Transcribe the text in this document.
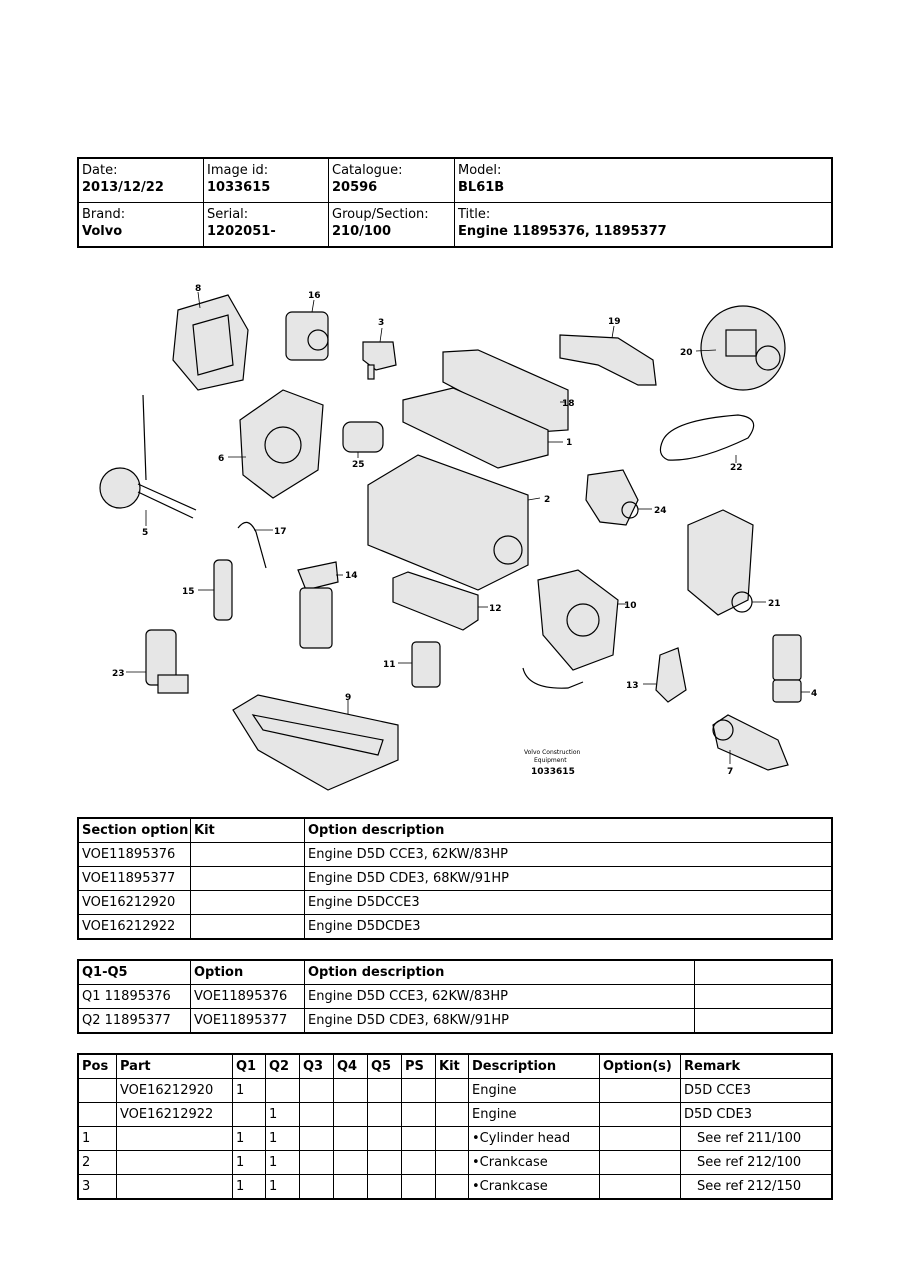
Date:
2013/12/22	Image id:
1033615	Catalogue:
20596	Model:
BL61B

Brand:
Volvo	Serial:
1202051-	Group/Section:
210/100	Title:
Engine 11895376, 11895377
1
2
3
4
5
6
7
8
9
10
11
12
13
14
15
16
17
18
19
20
21
22
23
24
25
Volvo Construction
Equipment
1033615
Section option	Kit	Option description
VOE11895376		Engine D5D CCE3, 62KW/83HP
VOE11895377		Engine D5D CDE3, 68KW/91HP
VOE16212920		Engine D5DCCE3
VOE16212922		Engine D5DCDE3
Q1-Q5	Option	Option description	
Q1 11895376	VOE11895376	Engine D5D CCE3, 62KW/83HP	
Q2 11895377	VOE11895377	Engine D5D CDE3, 68KW/91HP	
Pos	Part	Q1	Q2	Q3	Q4	Q5	PS	Kit	Description	Option(s)	Remark
	VOE16212920	1							Engine		D5D CCE3
	VOE16212922		1						Engine		D5D CDE3
1		1	1						•Cylinder head		See ref 211/100
2		1	1						•Crankcase		See ref 212/100
3		1	1						•Crankcase		See ref 212/150
